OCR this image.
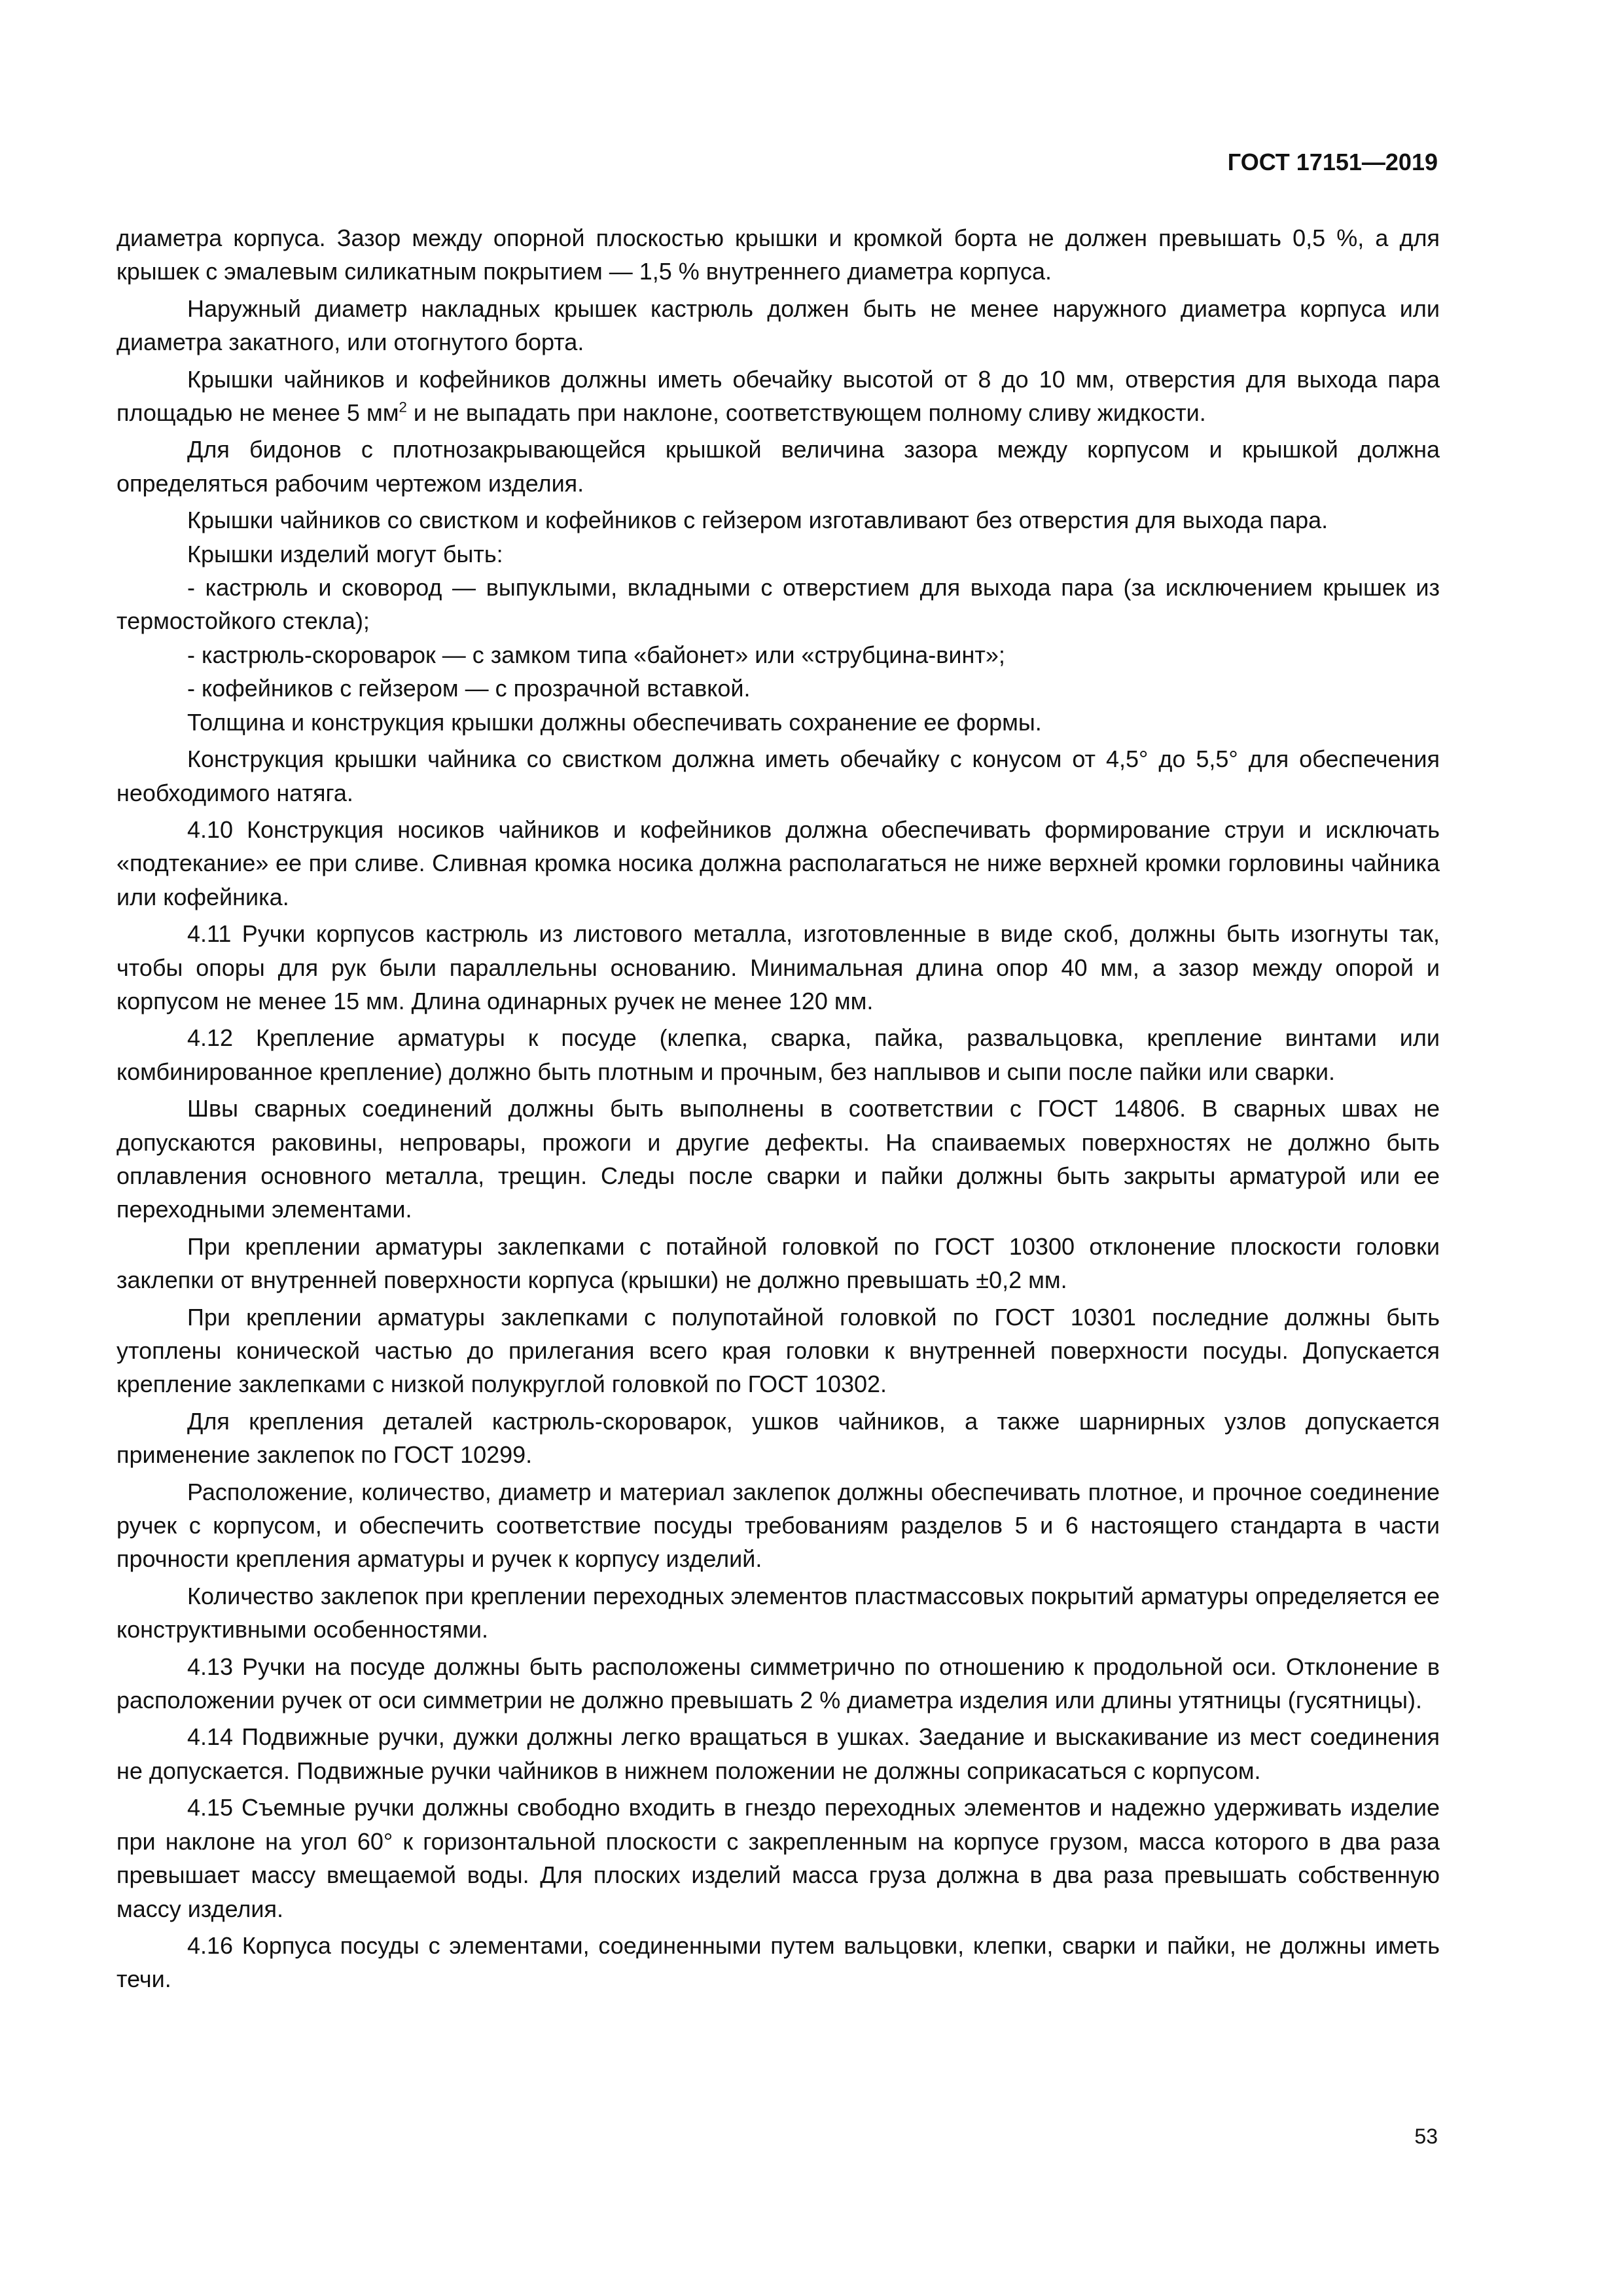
ГОСТ 17151—2019

диаметра корпуса. Зазор между опорной плоскостью крышки и кромкой борта не должен превышать 0,5 %, а для крышек с эмалевым силикатным покрытием — 1,5 % внутреннего диаметра корпуса.

Наружный диаметр накладных крышек кастрюль должен быть не менее наружного диаметра корпуса или диаметра закатного, или отогнутого борта.

Крышки чайников и кофейников должны иметь обечайку высотой от 8 до 10 мм, отверстия для выхода пара площадью не менее 5 $мм^2$ и не выпадать при наклоне, соответствующем полному сливу жидкости.

Для бидонов с плотнозакрывающейся крышкой величина зазора между корпусом и крышкой должна определяться рабочим чертежом изделия.

Крышки чайников со свистком и кофейников с гейзером изготавливают без отверстия для выхода пара.

Крышки изделий могут быть:

- кастрюль и сковород — выпуклыми, вкладными с отверстием для выхода пара (за исключением крышек из термостойкого стекла);

- кастрюль-скороварок — с замком типа «байонет» или «струбцина-винт»;

- кофейников с гейзером — с прозрачной вставкой.

Толщина и конструкция крышки должны обеспечивать сохранение ее формы.

Конструкция крышки чайника со свистком должна иметь обечайку с конусом от 4,5° до 5,5° для обеспечения необходимого натяга.

4.10 Конструкция носиков чайников и кофейников должна обеспечивать формирование струи и исключать «подтекание» ее при сливе. Сливная кромка носика должна располагаться не ниже верхней кромки горловины чайника или кофейника.

4.11 Ручки корпусов кастрюль из листового металла, изготовленные в виде скоб, должны быть изогнуты так, чтобы опоры для рук были параллельны основанию. Минимальная длина опор 40 мм, а зазор между опорой и корпусом не менее 15 мм. Длина одинарных ручек не менее 120 мм.

4.12 Крепление арматуры к посуде (клепка, сварка, пайка, развальцовка, крепление винтами или комбинированное крепление) должно быть плотным и прочным, без наплывов и сыпи после пайки или сварки.

Швы сварных соединений должны быть выполнены в соответствии с ГОСТ 14806. В сварных швах не допускаются раковины, непровары, прожоги и другие дефекты. На спаиваемых поверхностях не должно быть оплавления основного металла, трещин. Следы после сварки и пайки должны быть закрыты арматурой или ее переходными элементами.

При креплении арматуры заклепками с потайной головкой по ГОСТ 10300 отклонение плоскости головки заклепки от внутренней поверхности корпуса (крышки) не должно превышать ±0,2 мм.

При креплении арматуры заклепками с полупотайной головкой по ГОСТ 10301 последние должны быть утоплены конической частью до прилегания всего края головки к внутренней поверхности посуды. Допускается крепление заклепками с низкой полукруглой головкой по ГОСТ 10302.

Для крепления деталей кастрюль-скороварок, ушков чайников, а также шарнирных узлов допускается применение заклепок по ГОСТ 10299.

Расположение, количество, диаметр и материал заклепок должны обеспечивать плотное, и прочное соединение ручек с корпусом, и обеспечить соответствие посуды требованиям разделов 5 и 6 настоящего стандарта в части прочности крепления арматуры и ручек к корпусу изделий.

Количество заклепок при креплении переходных элементов пластмассовых покрытий арматуры определяется ее конструктивными особенностями.

4.13 Ручки на посуде должны быть расположены симметрично по отношению к продольной оси. Отклонение в расположении ручек от оси симметрии не должно превышать 2 % диаметра изделия или длины утятницы (гусятницы).

4.14 Подвижные ручки, дужки должны легко вращаться в ушках. Заедание и выскакивание из мест соединения не допускается. Подвижные ручки чайников в нижнем положении не должны соприкасаться с корпусом.

4.15 Съемные ручки должны свободно входить в гнездо переходных элементов и надежно удерживать изделие при наклоне на угол 60° к горизонтальной плоскости с закрепленным на корпусе грузом, масса которого в два раза превышает массу вмещаемой воды. Для плоских изделий масса груза должна в два раза превышать собственную массу изделия.

4.16 Корпуса посуды с элементами, соединенными путем вальцовки, клепки, сварки и пайки, не должны иметь течи.

53
